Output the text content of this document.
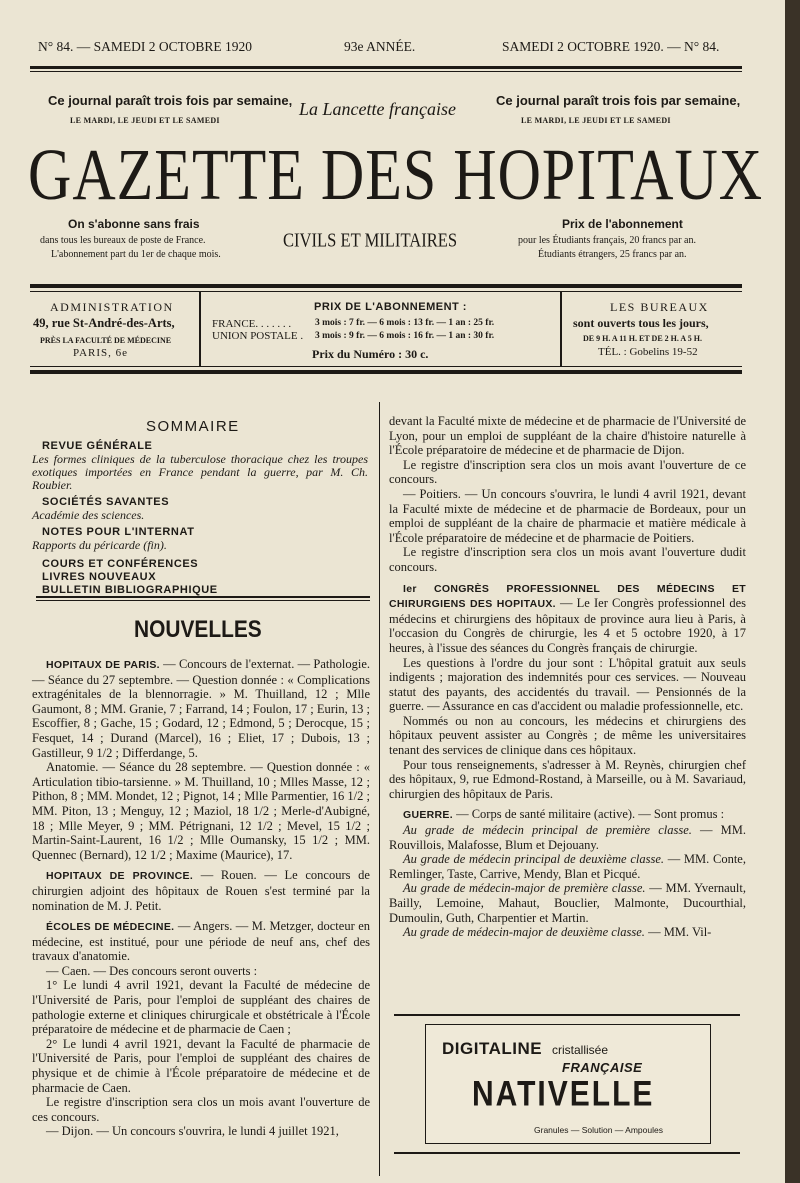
N° 84. — SAMEDI 2 OCTOBRE 1920	93e ANNÉE.	SAMEDI 2 OCTOBRE 1920. — N° 84.
Ce journal paraît trois fois par semaine,
LE MARDI, LE JEUDI ET LE SAMEDI
La Lancette française	Ce journal paraît trois fois par semaine,
LE MARDI, LE JEUDI ET LE SAMEDI
GAZETTE DES HOPITAUX
On s'abonne sans frais
dans tous les bureaux de poste de France.
L'abonnement part du 1er de chaque mois.
CIVILS ET MILITAIRES
Prix de l'abonnement
pour les Étudiants français, 20 francs par an.
Étudiants étrangers, 25 francs par an.
ADMINISTRATION
49, rue St-André-des-Arts,
PRÈS LA FACULTÉ DE MÉDECINE
PARIS, 6e
PRIX DE L'ABONNEMENT :
FRANCE. . . . . . .	3 mois : 7 fr. — 6 mois : 13 fr. — 1 an : 25 fr.
UNION POSTALE . 3 mois : 9 fr. — 6 mois : 16 fr. — 1 an : 30 fr.
Prix du Numéro : 30 c.
LES BUREAUX
sont ouverts tous les jours,
DE 9 H. A 11 H. ET DE 2 H. A 5 H.
TÉL. : Gobelins 19-52
SOMMAIRE

REVUE GÉNÉRALE

Les formes cliniques de la tuberculose thoracique chez les troupes exotiques importées en France pendant la guerre, par M. Ch. Roubier.

SOCIÉTÉS SAVANTES

Académie des sciences.

NOTES POUR L'INTERNAT

Rapports du péricarde (fin).

COURS ET CONFÉRENCES

LIVRES NOUVEAUX

BULLETIN BIBLIOGRAPHIQUE

NOUVELLES

HOPITAUX DE PARIS. — Concours de l'externat. — Pathologie. — Séance du 27 septembre. — Question donnée : « Complications extragénitales de la blennorragie. » M. Thuilland, 12 ; Mlle Gaumont, 8 ; MM. Granie, 7 ; Farrand, 14 ; Foulon, 17 ; Eurin, 13 ; Escoffier, 8 ; Gache, 15 ; Godard, 12 ; Edmond, 5 ; Derocque, 15 ; Fesquet, 14 ; Durand (Marcel), 16 ; Eliet, 17 ; Dubois, 13 ; Gastilleur, 9 1/2 ; Differdange, 5.

Anatomie. — Séance du 28 septembre. — Question donnée : « Articulation tibio-tarsienne. » M. Thuilland, 10 ; Mlles Masse, 12 ; Pithon, 8 ; MM. Mondet, 12 ; Pignot, 14 ; Mlle Parmentier, 16 1/2 ; MM. Piton, 13 ; Menguy, 12 ; Maziol, 18 1/2 ; Merle-d'Aubigné, 18 ; Mlle Meyer, 9 ; MM. Pétrignani, 12 1/2 ; Mevel, 15 1/2 ; Martin-Saint-Laurent, 16 1/2 ; Mlle Oumansky, 15 1/2 ; MM. Quennec (Bernard), 12 1/2 ; Maxime (Maurice), 17.

HOPITAUX DE PROVINCE. — Rouen. — Le concours de chirurgien adjoint des hôpitaux de Rouen s'est terminé par la nomination de M. J. Petit.

ÉCOLES DE MÉDECINE. — Angers. — M. Metzger, docteur en médecine, est institué, pour une période de neuf ans, chef des travaux d'anatomie.

— Caen. — Des concours seront ouverts :

1° Le lundi 4 avril 1921, devant la Faculté de médecine de l'Université de Paris, pour l'emploi de suppléant des chaires de pathologie externe et cliniques chirurgicale et obstétricale à l'École préparatoire de médecine et de pharmacie de Caen ;

2° Le lundi 4 avril 1921, devant la Faculté de pharmacie de l'Université de Paris, pour l'emploi de suppléant des chaires de physique et de chimie à l'École préparatoire de médecine et de pharmacie de Caen.

Le registre d'inscription sera clos un mois avant l'ouverture de ces concours.

— Dijon. — Un concours s'ouvrira, le lundi 4 juillet 1921,

devant la Faculté mixte de médecine et de pharmacie de l'Université de Lyon, pour un emploi de suppléant de la chaire d'histoire naturelle à l'École préparatoire de médecine et de pharmacie de Dijon.

Le registre d'inscription sera clos un mois avant l'ouverture de ce concours.

— Poitiers. — Un concours s'ouvrira, le lundi 4 avril 1921, devant la Faculté mixte de médecine et de pharmacie de Bordeaux, pour un emploi de suppléant de la chaire de pharmacie et matière médicale à l'École préparatoire de médecine et de pharmacie de Poitiers.

Le registre d'inscription sera clos un mois avant l'ouverture dudit concours.

Ier CONGRÈS PROFESSIONNEL DES MÉDECINS ET CHIRURGIENS DES HOPITAUX. — Le Ier Congrès professionnel des médecins et chirurgiens des hôpitaux de province aura lieu à Paris, à l'occasion du Congrès de chirurgie, les 4 et 5 octobre 1920, à 17 heures, à l'issue des séances du Congrès français de chirurgie.

Les questions à l'ordre du jour sont : L'hôpital gratuit aux seuls indigents ; majoration des indemnités pour ces services. — Nouveau statut des payants, des accidentés du travail. — Pensionnés de la guerre. — Assurance en cas d'accident ou maladie professionnelle, etc.

Nommés ou non au concours, les médecins et chirurgiens des hôpitaux peuvent assister au Congrès ; de même les universitaires tenant des services de clinique dans ces hôpitaux.

Pour tous renseignements, s'adresser à M. Reynès, chirurgien chef des hôpitaux, 9, rue Edmond-Rostand, à Marseille, ou à M. Savariaud, chirurgien des hôpitaux de Paris.

GUERRE. — Corps de santé militaire (active). — Sont promus :

Au grade de médecin principal de première classe. — MM. Rouvillois, Malafosse, Blum et Dejouany.

Au grade de médecin principal de deuxième classe. — MM. Conte, Remlinger, Taste, Carrive, Mendy, Blan et Picqué.

Au grade de médecin-major de première classe. — MM. Yvernault, Bailly, Lemoine, Mahaut, Bouclier, Malmonte, Ducourthial, Dumoulin, Guth, Charpentier et Martin.

Au grade de médecin-major de deuxième classe. — MM. Vil-

DIGITALINE cristallisée
FRANÇAISE
NATIVELLE
Granules — Solution — Ampoules
